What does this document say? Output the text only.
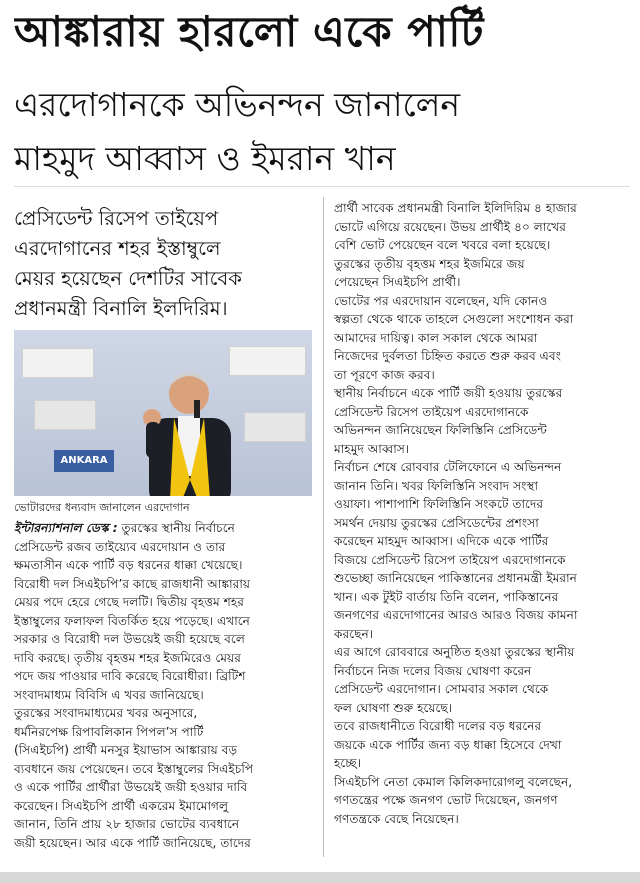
আঙ্কারায় হারলো একে পার্টি
এরদোগানকে অভিনন্দন জানালেন
মাহমুদ আব্বাস ও ইমরান খান
প্রেসিডেন্ট রিসেপ তাইয়েপ
এরদোগানের শহর ইস্তাম্বুলে
মেয়র হয়েছেন দেশটির সাবেক
প্রধানমন্ত্রী বিনালি ইলদিরিম।
ANKARA
ভোটারদের ধন্যবাদ জানালেন এরদোগান
ইন্টারন্যাশনাল ডেস্ক : তুরস্কের স্থানীয় নির্বাচনে
প্রেসিডেন্ট রজব তাইয়্যেব এরদোয়ান ও তার
ক্ষমতাসীন একে পার্টি বড় ধরনের ধাক্কা খেয়েছে।
বিরোধী দল সিএইচপি’র কাছে রাজধানী আঙ্কারায়
মেয়র পদে হেরে গেছে দলটি। দ্বিতীয় বৃহত্তম শহর
ইস্তাম্বুলের ফলাফল বিতর্কিত হয়ে পড়েছে। এখানে
সরকার ও বিরোধী দল উভয়েই জয়ী হয়েছে বলে
দাবি করছে। তৃতীয় বৃহত্তম শহর ইজমিরেও মেয়র
পদে জয় পাওয়ার দাবি করেছে বিরোধীরা। ব্রিটিশ
সংবাদমাধ্যম বিবিসি এ খবর জানিয়েছে।
তুরস্কের সংবাদমাধ্যমের খবর অনুসারে,
ধর্মনিরপেক্ষ রিপাবলিকান পিপল’স পার্টি
(সিএইচপি) প্রার্থী মনসুর ইয়াভাস আঙ্কারায় বড়
ব্যবধানে জয় পেয়েছেন। তবে ইস্তাম্বুলের সিএইচপি
ও একে পার্টির প্রার্থীরা উভয়েই জয়ী হওয়ার দাবি
করেছেন। সিএইচপি প্রার্থী একরেম ইমামোগলু
জানান, তিনি প্রায় ২৮ হাজার ভোটের ব্যবধানে
জয়ী হয়েছেন। আর একে পার্টি জানিয়েছে, তাদের
প্রার্থী সাবেক প্রধানমন্ত্রী বিনালি ইলিদিরিম ৪ হাজার
ভোটে এগিয়ে রয়েছেন। উভয় প্রার্থীই ৪০ লাখের
বেশি ভোট পেয়েছেন বলে খবরে বলা হয়েছে।
তুরস্কের তৃতীয় বৃহত্তম শহর ইজমিরে জয়
পেয়েছেন সিএইচপি প্রার্থী।
ভোটের পর এরদোয়ান বলেছেন, যদি কোনও
স্বল্পতা থেকে থাকে তাহলে সেগুলো সংশোধন করা
আমাদের দায়িত্ব। কাল সকাল থেকে আমরা
নিজেদের দুর্বলতা চিহ্নিত করতে শুরু করব এবং
তা পূরণে কাজ করব।
স্থানীয় নির্বাচনে একে পার্টি জয়ী হওয়ায় তুরস্কের
প্রেসিডেন্ট রিসেপ তাইয়েপ এরদোগানকে
অভিনন্দন জানিয়েছেন ফিলিস্তিনি প্রেসিডেন্ট
মাহমুদ আব্বাস।
নির্বাচন শেষে রোববার টেলিফোনে এ অভিনন্দন
জানান তিনি। খবর ফিলিস্তিনি সংবাদ সংস্থা
ওয়াফা। পাশাপাশি ফিলিস্তিনি সংকটে তাদের
সমর্থন দেয়ায় তুরস্কের প্রেসিডেন্টের প্রশংসা
করেছেন মাহমুদ আব্বাস। এদিকে একে পার্টির
বিজয়ে প্রেসিডেন্ট রিসেপ তাইয়েপ এরদোগানকে
শুভেচ্ছা জানিয়েছেন পাকিস্তানের প্রধানমন্ত্রী ইমরান
খান। এক টুইট বার্তায় তিনি বলেন, পাকিস্তানের
জনগণের এরদোগানের আরও আরও বিজয় কামনা
করছেন।
এর আগে রোববারে অনুষ্ঠিত হওয়া তুরস্কের স্থানীয়
নির্বাচনে নিজ দলের বিজয় ঘোষণা করেন
প্রেসিডেন্ট এরদোগান। সোমবার সকাল থেকে
ফল ঘোষণা শুরু হয়েছে।
তবে রাজধানীতে বিরোধী দলের বড় ধরনের
জয়কে একে পার্টির জন্য বড় ধাক্কা হিসেবে দেখা
হচ্ছে।
সিএইচপি নেতা কেমাল কিলিকদারোগলু বলেছেন,
গণতন্ত্রের পক্ষে জনগণ ভোট দিয়েছেন, জনগণ
গণতন্ত্রকে বেছে নিয়েছেন।
